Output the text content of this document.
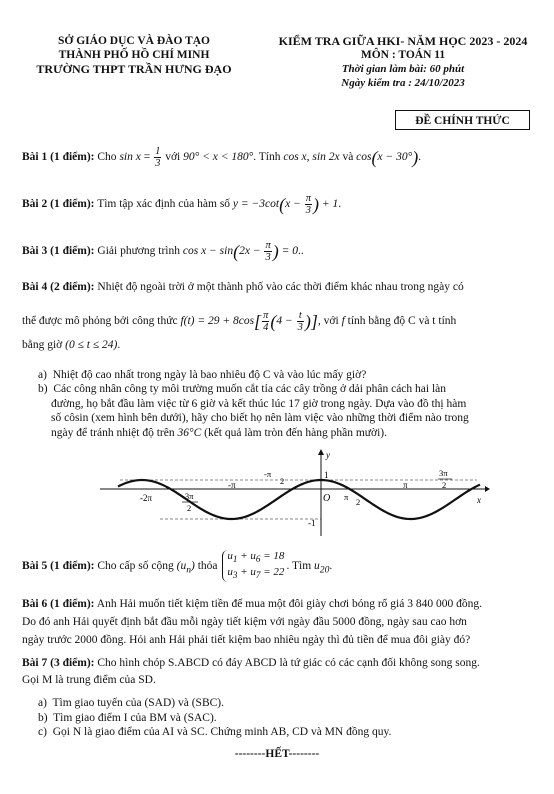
SỞ GIÁO DỤC VÀ ĐÀO TẠO
THÀNH PHỐ HỒ CHÍ MINH
TRƯỜNG THPT TRẦN HƯNG ĐẠO
KIỂM TRA GIỮA HKI- NĂM HỌC 2023 - 2024
MÔN : TOÁN 11
Thời gian làm bài: 60 phút
Ngày kiểm tra : 24/10/2023
ĐỀ CHÍNH THỨC
Bài 1 (1 điểm): Cho $\sin x = \frac{1}{3}$ với 90° < x < 180°. Tính cos x, sin 2x và cos(x − 30°).
Bài 2 (1 điểm): Tìm tập xác định của hàm số $y = -3\cot(x - \frac{\pi}{3}$ ) + 1.
Bài 3 (1 điểm): Giải phương trình $\cos x - \sin(2x - \frac{\pi}{3}$ ) = 0..
Bài 4 (2 điểm): Nhiệt độ ngoài trời ở một thành phố vào các thời điểm khác nhau trong ngày có
thể được mô phỏng bởi công thức $f(t) = 29 + 8\cos[ \frac{\pi}{4} (4 - \frac{t}{3}$ )], với f tính bằng độ C và t tính
bằng giờ (0 ≤ t ≤ 24).
a) Nhiệt độ cao nhất trong ngày là bao nhiêu độ C và vào lúc mấy giờ?
b) Các công nhân công ty môi trường muốn cắt tỉa các cây trồng ở dải phân cách hai làn
đường, họ bắt đầu làm việc từ 6 giờ và kết thúc lúc 17 giờ trong ngày. Dựa vào đồ thị hàm
số côsin (xem hình bên dưới), hãy cho biết họ nên làm việc vào những thời điểm nào trong
ngày để tránh nhiệt độ trên 36°C (kết quả làm tròn đến hàng phần mười).
y
x
O
1
-1
-2π	-3π
2
-π
-π
2
π 2
π
3π
2
Bài 5 (1 điểm): Cho cấp số cộng $(u_n)$ thỏa
$u_1 + u_6 = 18$
$u_3 + u_7 = 22$
. Tìm $u_{20}$.
Bài 6 (1 điểm): Anh Hải muốn tiết kiệm tiền để mua một đôi giày chơi bóng rổ giá 3 840 000 đồng.
Do đó anh Hải quyết định bắt đầu mỗi ngày tiết kiệm với ngày đầu 5000 đồng, ngày sau cao hơn
ngày trước 2000 đồng. Hỏi anh Hải phải tiết kiệm bao nhiêu ngày thì đủ tiền để mua đôi giày đó?
Bài 7 (3 điểm): Cho hình chóp S.ABCD có đáy ABCD là tứ giác có các cạnh đối không song song.
Gọi M là trung điểm của SD.
a) Tìm giao tuyến của (SAD) và (SBC).
b) Tìm giao điểm I của BM và (SAC).
c) Gọi N là giao điểm của AI và SC. Chứng minh AB, CD và MN đồng quy.
--------HẾT--------
